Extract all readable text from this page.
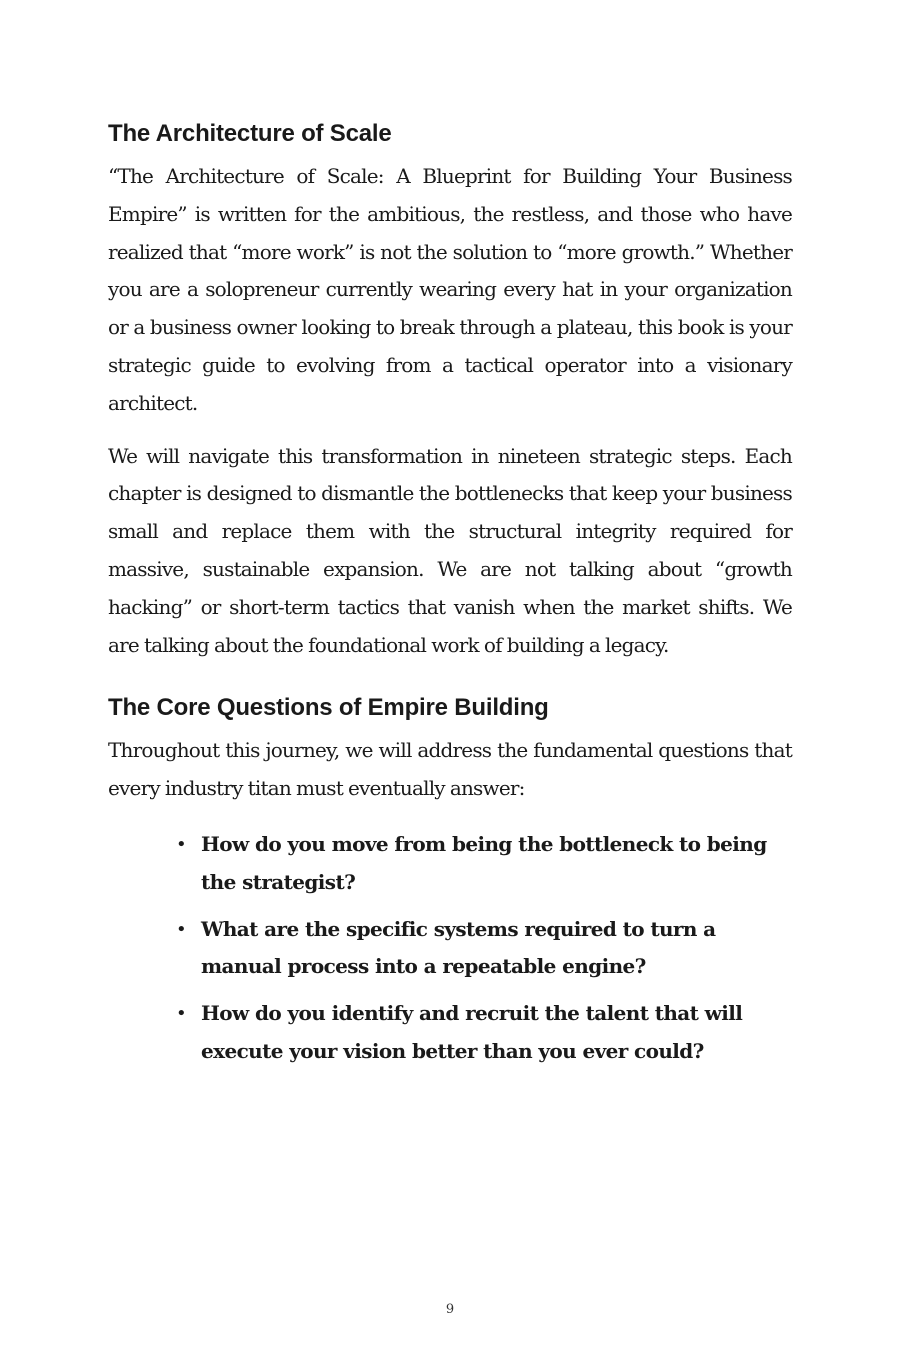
The Architecture of Scale

“The Architecture of Scale: A Blueprint for Building Your Business Empire” is written for the ambitious, the restless, and those who have realized that “more work” is not the solution to “more growth.” Whether you are a solopreneur currently wearing every hat in your organization or a business owner looking to break through a plateau, this book is your strategic guide to evolving from a tactical operator into a visionary architect.

We will navigate this transformation in nineteen strategic steps. Each chapter is designed to dismantle the bottlenecks that keep your business small and replace them with the structural integrity required for massive, sustainable expansion. We are not talking about “growth hacking” or short-term tactics that vanish when the market shifts. We are talking about the foundational work of building a legacy.

The Core Questions of Empire Building

Throughout this journey, we will address the fundamental questions that every industry titan must eventually answer:

• How do you move from being the bottleneck to being the strategist?
• What are the specific systems required to turn a manual process into a repeatable engine?
• How do you identify and recruit the talent that will execute your vision better than you ever could?
9
